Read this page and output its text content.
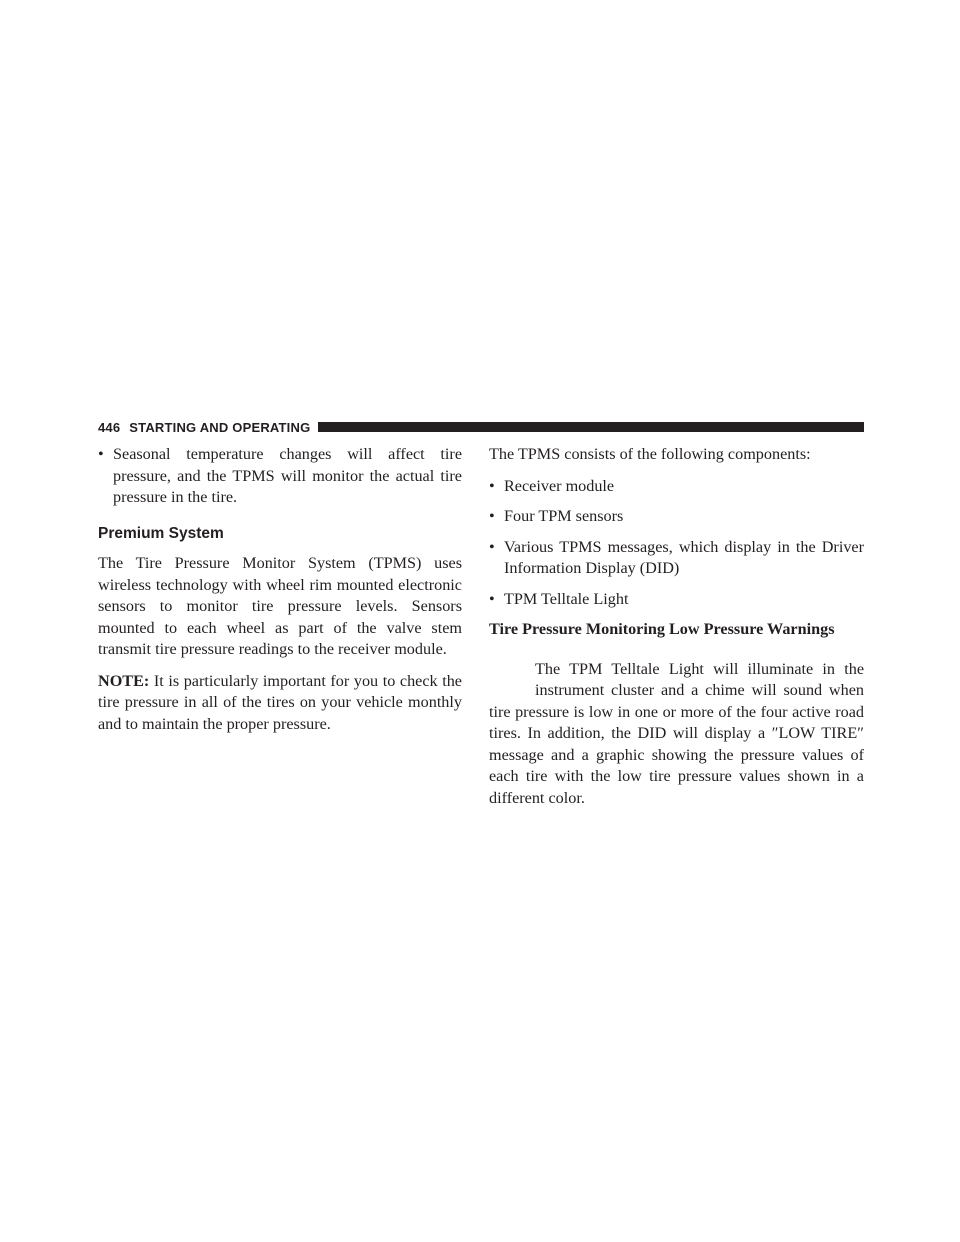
446 STARTING AND OPERATING
• Seasonal temperature changes will affect tire pressure, and the TPMS will monitor the actual tire pressure in the tire.
Premium System

The Tire Pressure Monitor System (TPMS) uses wireless technology with wheel rim mounted electronic sensors to monitor tire pressure levels. Sensors mounted to each wheel as part of the valve stem transmit tire pressure readings to the receiver module.

NOTE: It is particularly important for you to check the tire pressure in all of the tires on your vehicle monthly and to maintain the proper pressure.

The TPMS consists of the following components:

• Receiver module
• Four TPM sensors
• Various TPMS messages, which display in the Driver Information Display (DID)
• TPM Telltale Light
Tire Pressure Monitoring Low Pressure Warnings

The TPM Telltale Light will illuminate in the instrument cluster and a chime will sound when tire pressure is low in one or more of the four active road tires. In addition, the DID will display a ″LOW TIRE″ message and a graphic showing the pressure values of each tire with the low tire pressure values shown in a different color.
